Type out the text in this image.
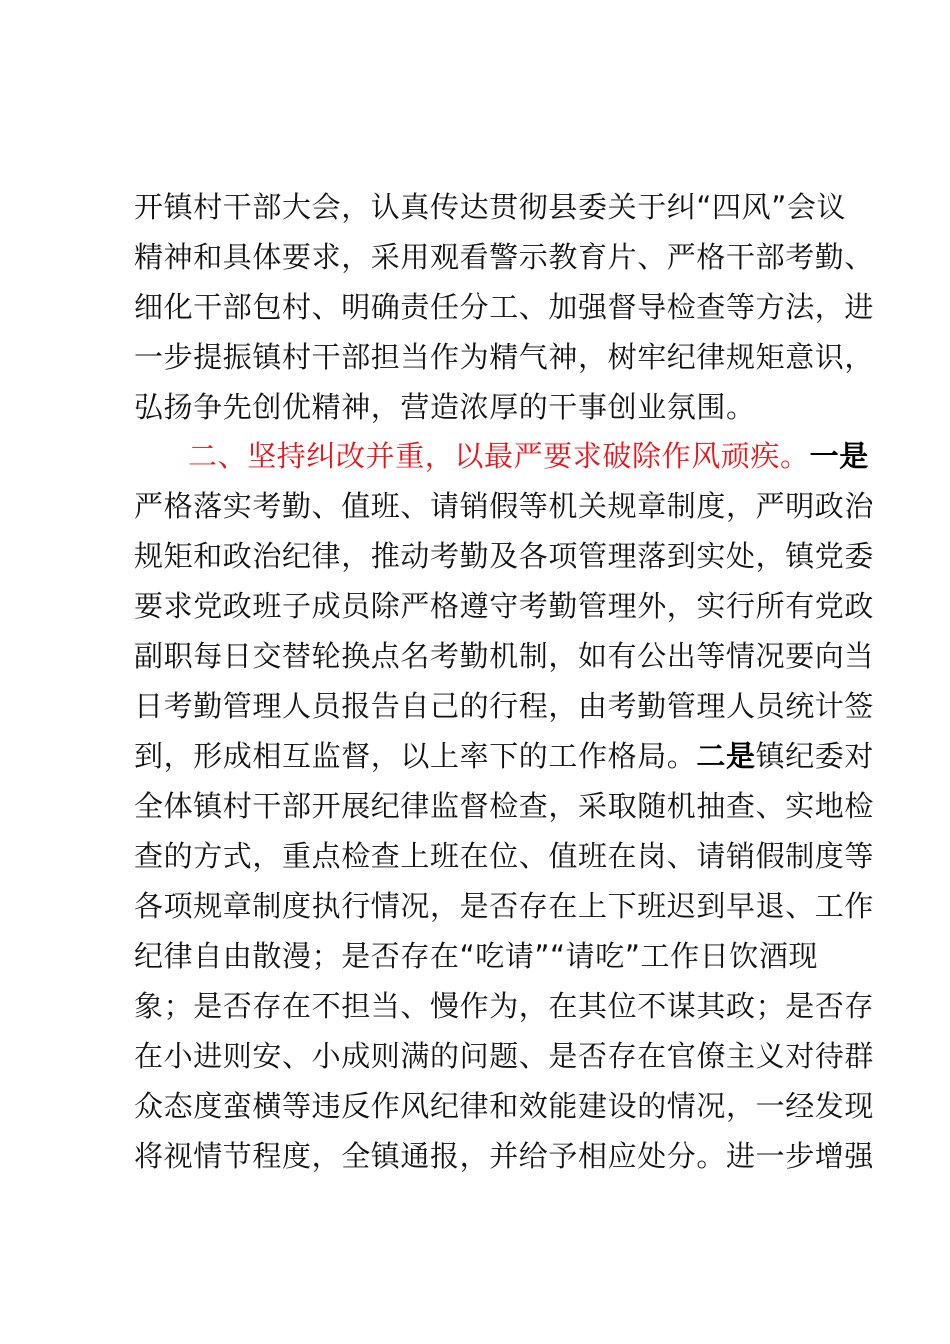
开镇村干部大会，认真传达贯彻县委关于纠“四风”会议
精神和具体要求，采用观看警示教育片、严格干部考勤、
细化干部包村、明确责任分工、加强督导检查等方法，进
一步提振镇村干部担当作为精气神，树牢纪律规矩意识，
弘扬争先创优精神，营造浓厚的干事创业氛围。
二、坚持纠改并重，以最严要求破除作风顽疾。一是
严格落实考勤、值班、请销假等机关规章制度，严明政治
规矩和政治纪律，推动考勤及各项管理落到实处，镇党委
要求党政班子成员除严格遵守考勤管理外，实行所有党政
副职每日交替轮换点名考勤机制，如有公出等情况要向当
日考勤管理人员报告自己的行程，由考勤管理人员统计签
到，形成相互监督，以上率下的工作格局。二是镇纪委对
全体镇村干部开展纪律监督检查，采取随机抽查、实地检
查的方式，重点检查上班在位、值班在岗、请销假制度等
各项规章制度执行情况，是否存在上下班迟到早退、工作
纪律自由散漫；是否存在“吃请”“请吃”工作日饮酒现
象；是否存在不担当、慢作为，在其位不谋其政；是否存
在小进则安、小成则满的问题、是否存在官僚主义对待群
众态度蛮横等违反作风纪律和效能建设的情况，一经发现
将视情节程度，全镇通报，并给予相应处分。进一步增强
